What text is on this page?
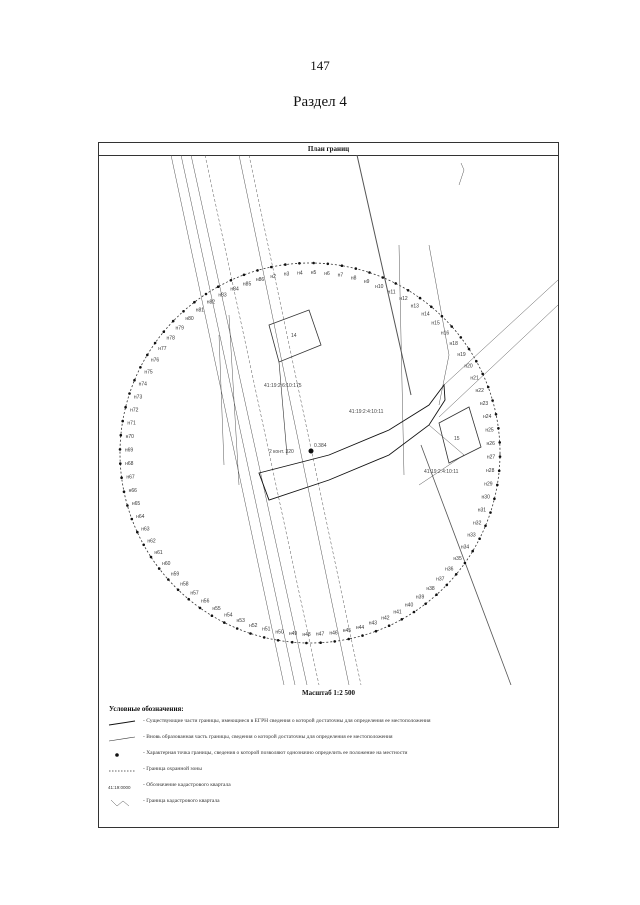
147
Раздел 4
План границ
н86
н2 н3 н4 н5 н6 н7 н8
н9
н10
н11
н12
н13
н14
н15
н16
н18
н19
н20
н21
н22
н23
н24
н25
н26
н27
н28
н29
н30
н31
н32
н33
н34
н35
н36
н37
н38
н39
н40
н41
н42
н43
н44
н45
н46
н47
н48
н49
н50
н51
н52
н53
н54
н55
н56
н57
н58
н59
н60
н61
н62
н63
н64
н65
н66
н67
н68
н69
н70
н71
н72
н73
н74
н75
н76
н77
н78
н79
н80
н81
н82
н83
н84
н85
2 конт. 320
0.384
14
15
41:19:2:6:10:175
41:19:2:4:10:11
41:19:2:4:10:11
Масштаб 1:2 500
Условные обозначения:
- Существующие части границы, имеющиеся в ЕГРН сведения о которой достаточны для определения ее местоположения
- Вновь образованная часть границы, сведения о которой достаточны для определения ее местоположения
- Характерная точка границы, сведения о которой позволяют однозначно определить ее положение на местности
- Граница охранной зоны
41:19:0000 - Обозначение кадастрового квартала
- Граница кадастрового квартала
